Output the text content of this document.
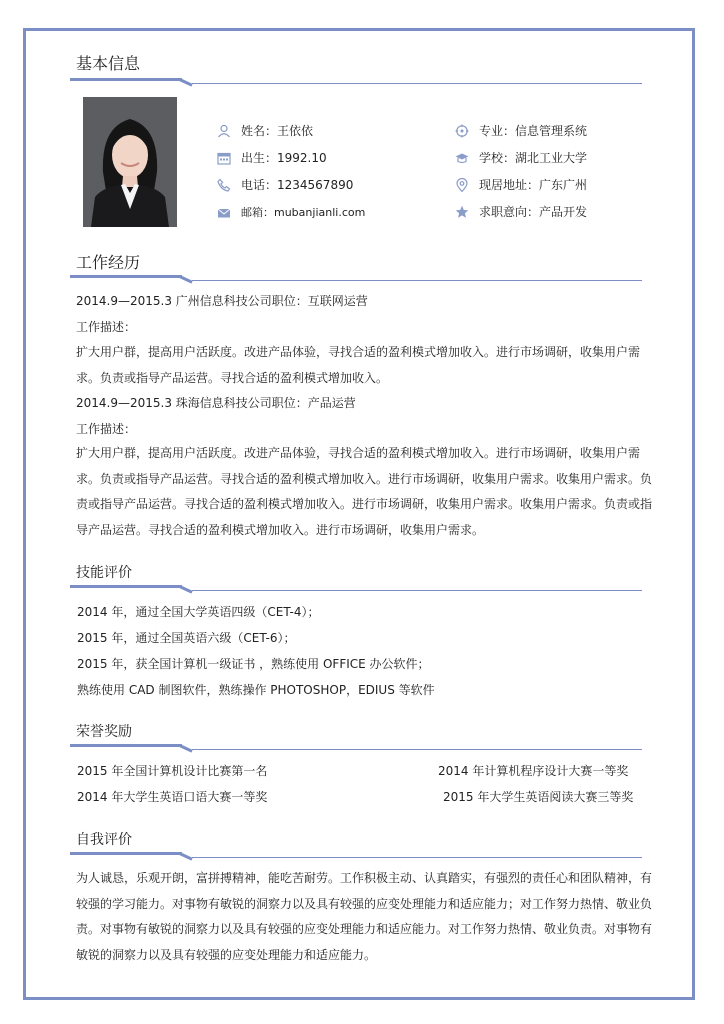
基本信息
姓名：王依依
出生：1992.10
电话：1234567890
邮箱：mubanjianli.com
专业：信息管理系统
学校：湖北工业大学
现居地址：广东广州
求职意向：产品开发
工作经历
2014.9—2015.3 广州信息科技公司职位：互联网运营
工作描述：
扩大用户群，提高用户活跃度。改进产品体验，寻找合适的盈利模式增加收入。进行市场调研，收集用户需求。负责或指导产品运营。寻找合适的盈利模式增加收入。
2014.9—2015.3 珠海信息科技公司职位：产品运营
工作描述：
扩大用户群，提高用户活跃度。改进产品体验，寻找合适的盈利模式增加收入。进行市场调研，收集用户需求。负责或指导产品运营。寻找合适的盈利模式增加收入。进行市场调研，收集用户需求。收集用户需求。负责或指导产品运营。寻找合适的盈利模式增加收入。进行市场调研，收集用户需求。收集用户需求。负责或指导产品运营。寻找合适的盈利模式增加收入。进行市场调研，收集用户需求。
技能评价
2014 年，通过全国大学英语四级（CET-4）；
2015 年，通过全国英语六级（CET-6）；
2015 年，获全国计算机一级证书 ，熟练使用 OFFICE 办公软件；
熟练使用 CAD 制图软件，熟练操作 PHOTOSHOP，EDIUS 等软件
荣誉奖励
2015 年全国计算机设计比赛第一名	2014 年计算机程序设计大赛一等奖
2014 年大学生英语口语大赛一等奖	2015 年大学生英语阅读大赛三等奖
自我评价
为人诚恳，乐观开朗，富拼搏精神，能吃苦耐劳。工作积极主动、认真踏实，有强烈的责任心和团队精神，有较强的学习能力。对事物有敏锐的洞察力以及具有较强的应变处理能力和适应能力；对工作努力热情、敬业负责。对事物有敏锐的洞察力以及具有较强的应变处理能力和适应能力。对工作努力热情、敬业负责。对事物有敏锐的洞察力以及具有较强的应变处理能力和适应能力。
